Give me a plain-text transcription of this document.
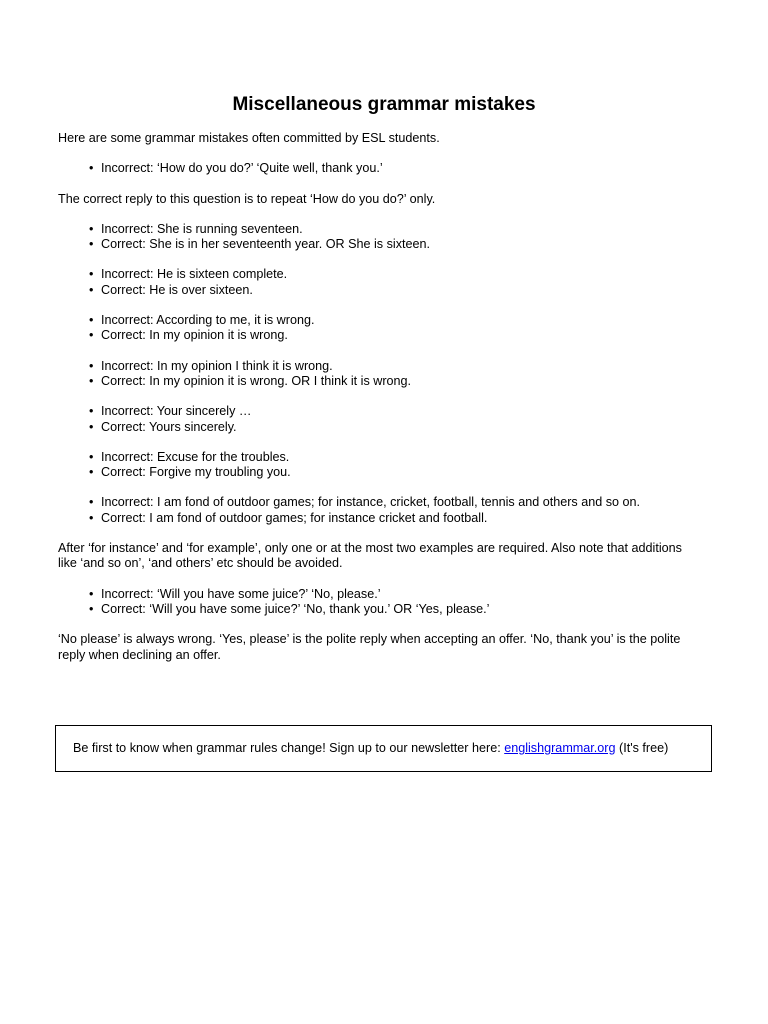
Miscellaneous grammar mistakes

Here are some grammar mistakes often committed by ESL students.

• Incorrect: ‘How do you do?’ ‘Quite well, thank you.’

The correct reply to this question is to repeat ‘How do you do?’ only.

• Incorrect: She is running seventeen.
• Correct: She is in her seventeenth year. OR She is sixteen.
• Incorrect: He is sixteen complete.
• Correct: He is over sixteen.
• Incorrect: According to me, it is wrong.
• Correct: In my opinion it is wrong.
• Incorrect: In my opinion I think it is wrong.
• Correct: In my opinion it is wrong. OR I think it is wrong.
• Incorrect: Your sincerely …
• Correct: Yours sincerely.
• Incorrect: Excuse for the troubles.
• Correct: Forgive my troubling you.
• Incorrect: I am fond of outdoor games; for instance, cricket, football, tennis and others and so on.
• Correct: I am fond of outdoor games; for instance cricket and football.

After ‘for instance’ and ‘for example’, only one or at the most two examples are required. Also note that additions like ‘and so on’, ‘and others’ etc should be avoided.

• Incorrect: ‘Will you have some juice?’ ‘No, please.’
• Correct: ‘Will you have some juice?’ ‘No, thank you.’ OR ‘Yes, please.’

‘No please’ is always wrong. ‘Yes, please’ is the polite reply when accepting an offer. ‘No, thank you’ is the polite reply when declining an offer.

Be first to know when grammar rules change! Sign up to our newsletter here: englishgrammar.org (It's free)
